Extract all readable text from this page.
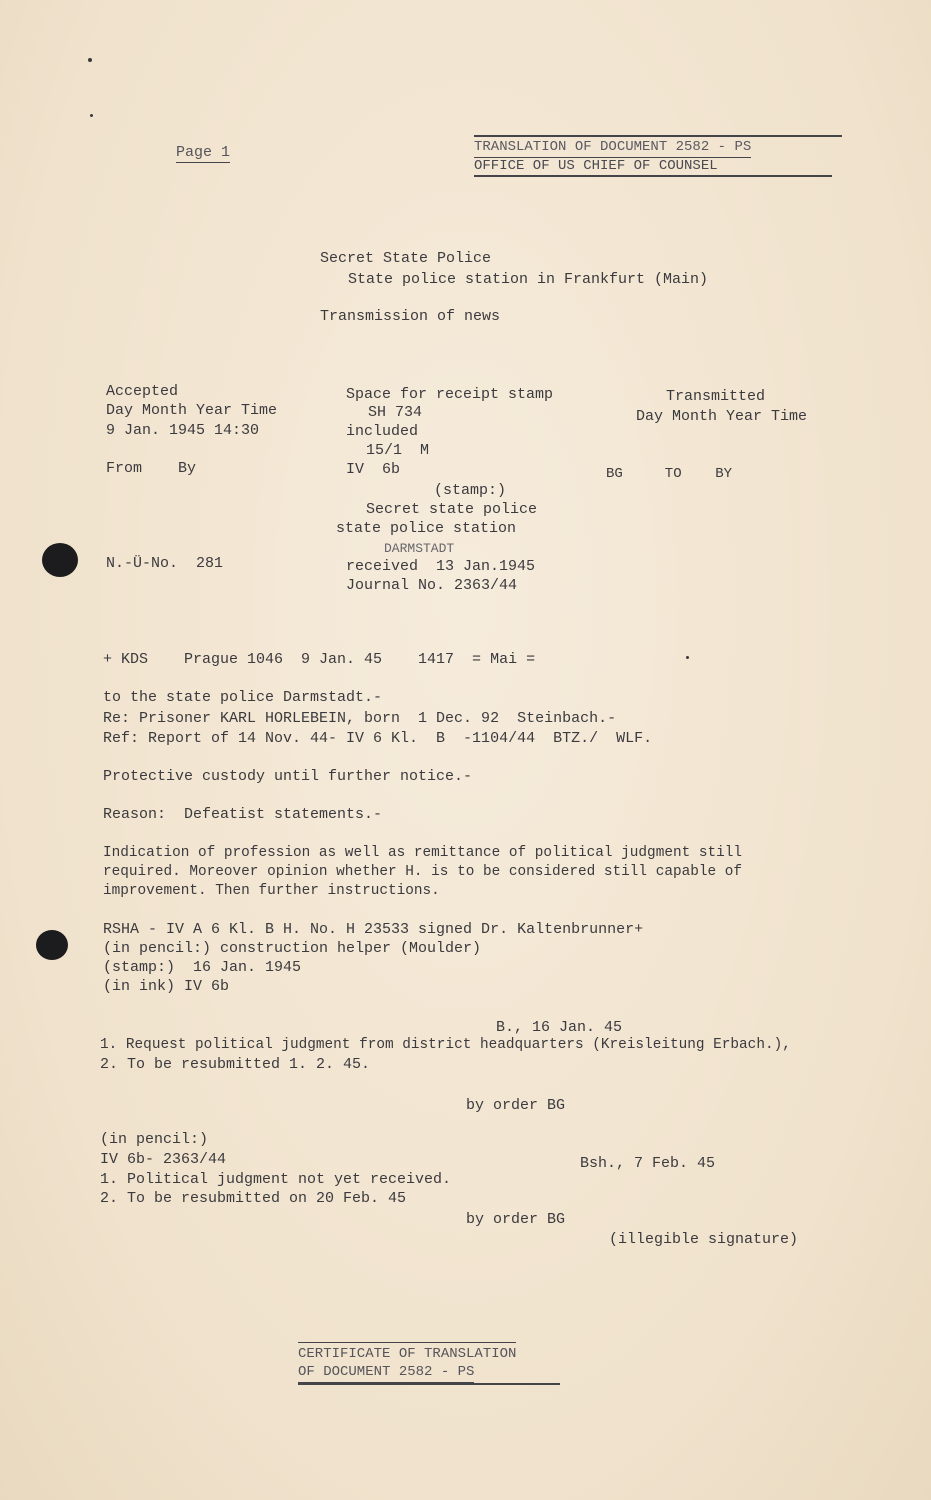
Page 1	TRANSLATION OF DOCUMENT 2582 - PS
OFFICE OF US CHIEF OF COUNSEL
Secret State Police
State police station in Frankfurt (Main)
Transmission of news
Accepted
Day Month Year Time
9 Jan. 1945 14:30
From    By
N.-Ü-No.  281
Space for receipt stamp
SH 734
included
15/1  M
IV  6b
(stamp:)
Secret state police
state police station
DARMSTADT
received  13 Jan.1945
Journal No. 2363/44
Transmitted
Day Month Year Time
BG     TO    BY
+ KDS    Prague 1046  9 Jan. 45    1417  = Mai =
to the state police Darmstadt.-
Re: Prisoner KARL HORLEBEIN, born  1 Dec. 92  Steinbach.-
Ref: Report of 14 Nov. 44- IV 6 Kl.  B  -1104/44  BTZ./  WLF.
Protective custody until further notice.-
Reason:  Defeatist statements.-
Indication of profession as well as remittance of political judgment still
required. Moreover opinion whether H. is to be considered still capable of
improvement. Then further instructions.
RSHA - IV A 6 Kl. B H. No. H 23533 signed Dr. Kaltenbrunner+
(in pencil:) construction helper (Moulder)
(stamp:)  16 Jan. 1945
(in ink) IV 6b
B., 16 Jan. 45
1. Request political judgment from district headquarters (Kreisleitung Erbach.),
2. To be resubmitted 1. 2. 45.
by order BG
(in pencil:)
IV 6b- 2363/44	Bsh., 7 Feb. 45
1. Political judgment not yet received.
2. To be resubmitted on 20 Feb. 45
by order BG
(illegible signature)
CERTIFICATE OF TRANSLATION
OF DOCUMENT 2582 - PS
